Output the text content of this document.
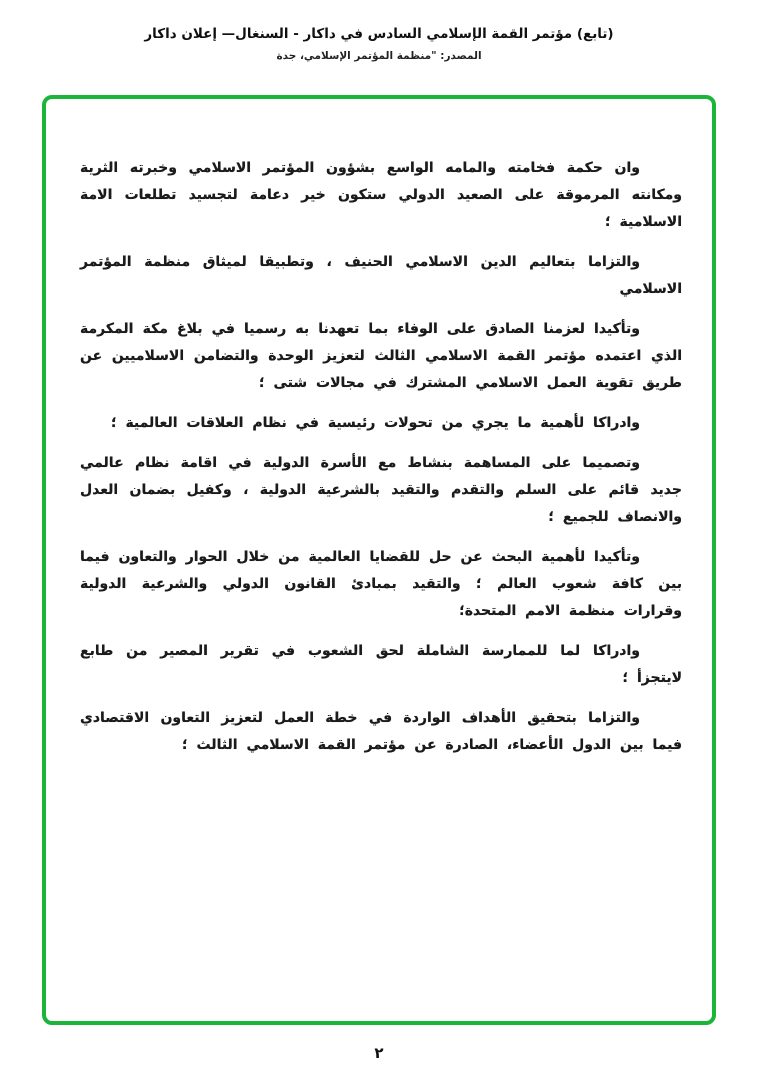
(تابع) مؤتمر القمة الإسلامي السادس في داكار - السنغال— إعلان داكار
المصدر: "منظمة المؤتمر الإسلامي، جدة

وان حكمة فخامته والمامه الواسع بشؤون المؤتمر الاسلامي وخبرته الثرية ومكانته المرموقة على الصعيد الدولي ستكون خير دعامة لتجسيد تطلعات الامة الاسلامية ؛

والتزاما بتعاليم الدين الاسلامي الحنيف ، وتطبيقا لميثاق منظمة المؤتمر الاسلامي

وتأكيدا لعزمنا الصادق على الوفاء بما تعهدنا به رسميا في بلاغ مكة المكرمة الذي اعتمده مؤتمر القمة الاسلامي الثالث لتعزيز الوحدة والتضامن الاسلاميين عن طريق تقوية العمل الاسلامي المشترك في مجالات شتى ؛

وادراكا لأهمية ما يجري من تحولات رئيسية في نظام العلاقات العالمية ؛

وتصميما على المساهمة بنشاط مع الأسرة الدولية في اقامة نظام عالمي جديد قائم على السلم والتقدم والتقيد بالشرعية الدولية ، وكفيل بضمان العدل والانصاف للجميع ؛

وتأكيدا لأهمية البحث عن حل للقضايا العالمية من خلال الحوار والتعاون فيما بين كافة شعوب العالم ؛ والتقيد بمبادئ القانون الدولي والشرعية الدولية وقرارات منظمة الامم المتحدة؛

وادراكا لما للممارسة الشاملة لحق الشعوب في تقرير المصير من طابع لايتجزأ ؛

والتزاما بتحقيق الأهداف الواردة في خطة العمل لتعزيز التعاون الاقتصادي فيما بين الدول الأعضاء، الصادرة عن مؤتمر القمة الاسلامي الثالث ؛

٢
